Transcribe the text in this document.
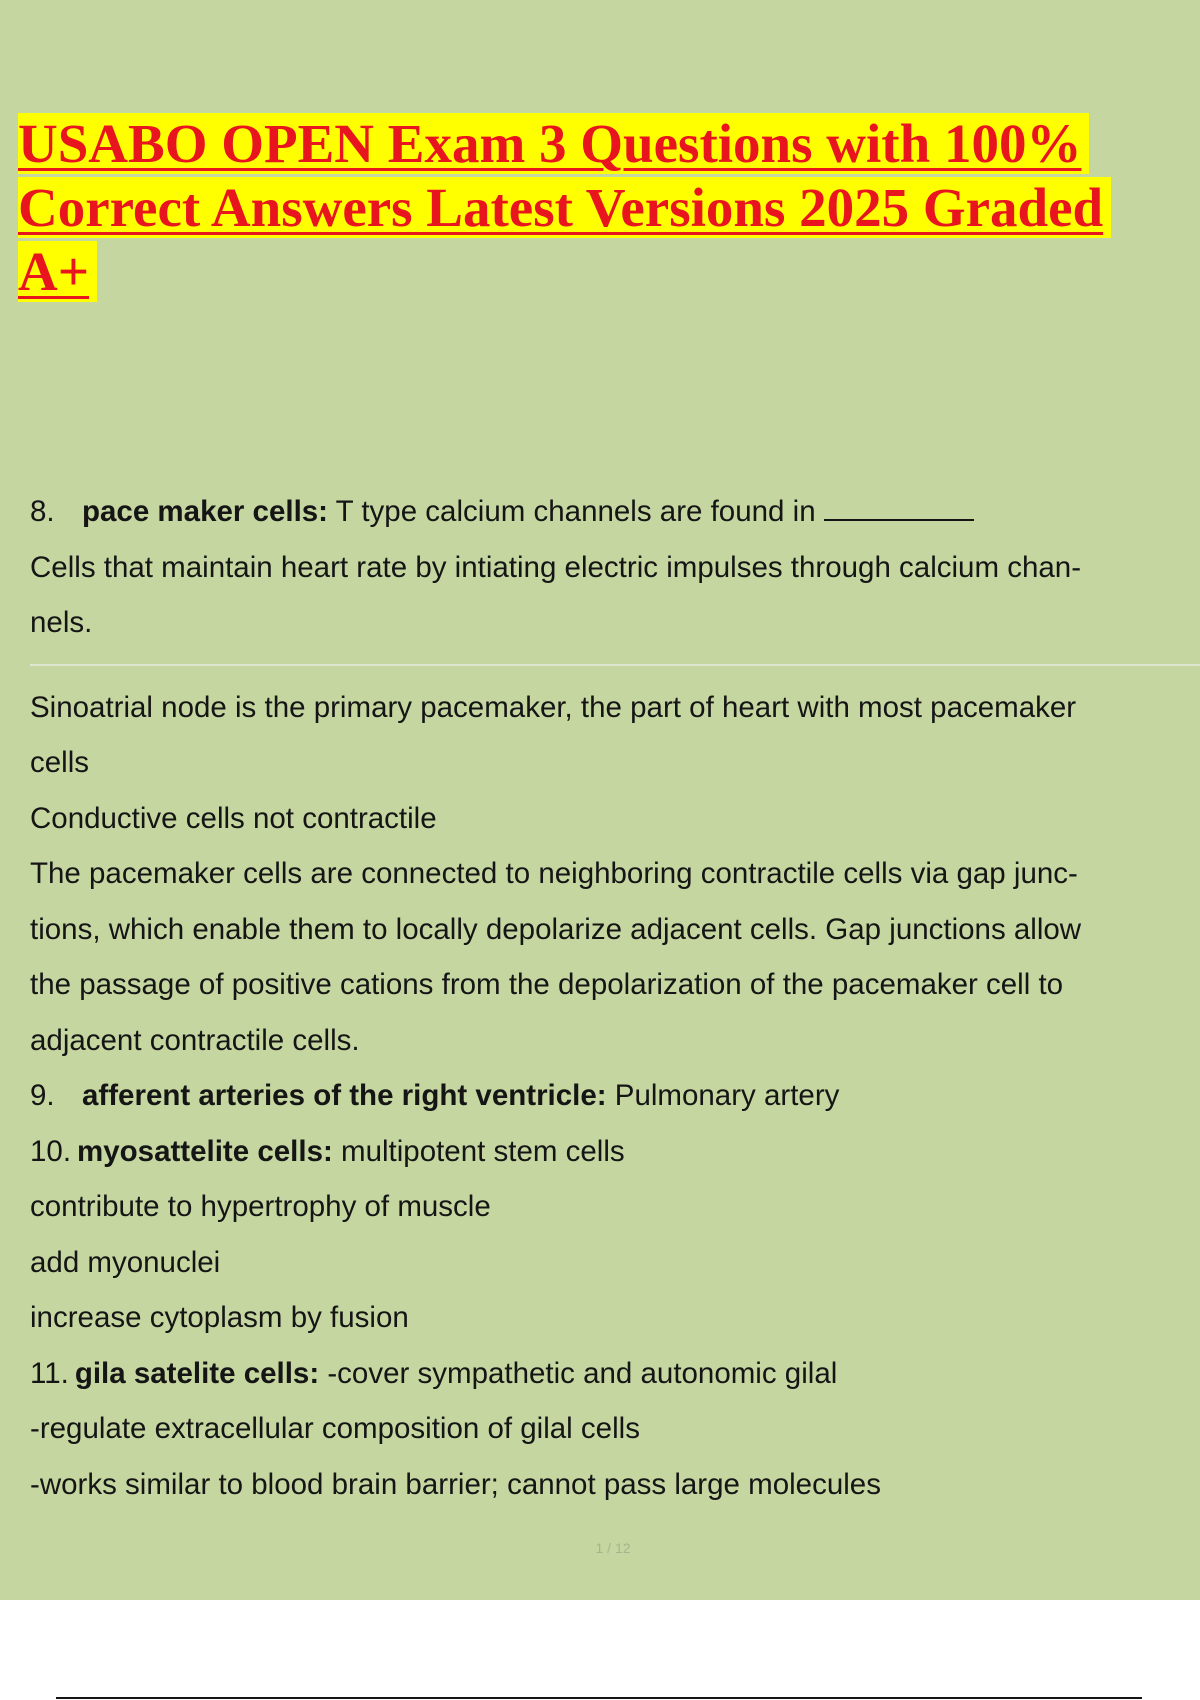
USABO OPEN Exam 3 Questions with 100%
Correct Answers Latest Versions 2025 Graded
A+
8. pace maker cells: T type calcium channels are found in
Cells that maintain heart rate by intiating electric impulses through calcium chan-
nels.
Sinoatrial node is the primary pacemaker, the part of heart with most pacemaker
cells
Conductive cells not contractile
The pacemaker cells are connected to neighboring contractile cells via gap junc-
tions, which enable them to locally depolarize adjacent cells. Gap junctions allow
the passage of positive cations from the depolarization of the pacemaker cell to
adjacent contractile cells.
9. afferent arteries of the right ventricle: Pulmonary artery
10. myosattelite cells: multipotent stem cells
contribute to hypertrophy of muscle
add myonuclei
increase cytoplasm by fusion
11. gila satelite cells: -cover sympathetic and autonomic gilal
-regulate extracellular composition of gilal cells
-works similar to blood brain barrier; cannot pass large molecules
1 / 12
